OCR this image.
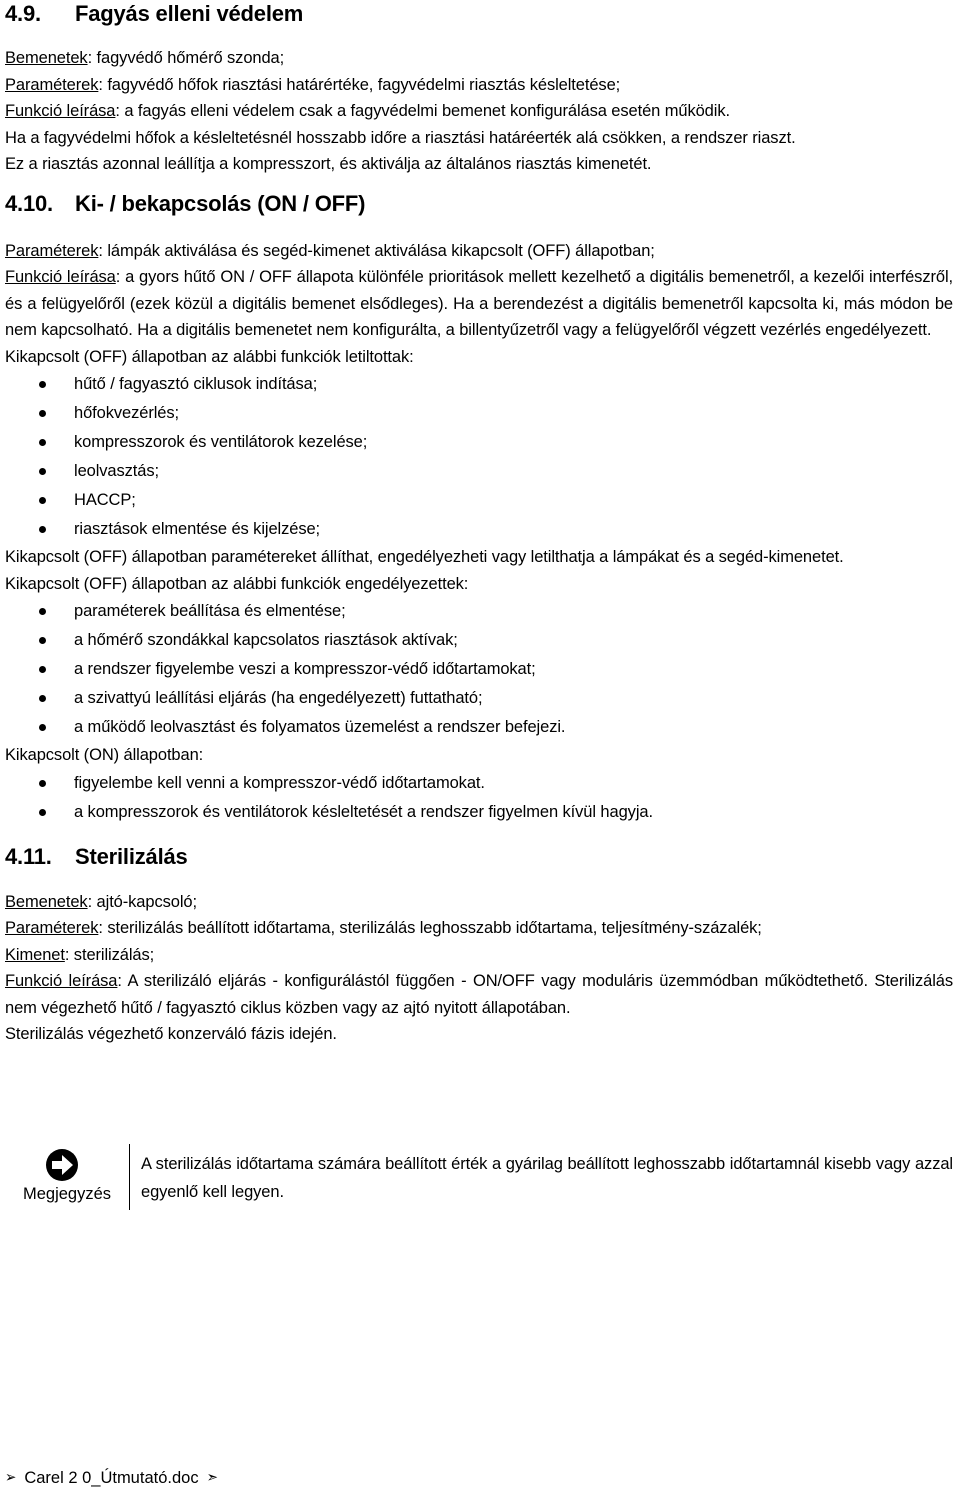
4.9. Fagyás elleni védelem

Bemenetek: fagyvédő hőmérő szonda;

Paraméterek: fagyvédő hőfok riasztási határértéke, fagyvédelmi riasztás késleltetése;

Funkció leírása: a fagyás elleni védelem csak a fagyvédelmi bemenet konfigurálása esetén működik.

Ha a fagyvédelmi hőfok a késleltetésnél hosszabb időre a riasztási határéerték alá csökken, a rendszer riaszt.

Ez a riasztás azonnal leállítja a kompresszort, és aktiválja az általános riasztás kimenetét.

4.10. Ki- / bekapcsolás (ON / OFF)

Paraméterek: lámpák aktiválása és segéd-kimenet aktiválása kikapcsolt (OFF) állapotban;

Funkció leírása: a gyors hűtő ON / OFF állapota különféle prioritások mellett kezelhető a digitális bemenetről, a kezelői interfészről, és a felügyelőről (ezek közül a digitális bemenet elsődleges). Ha a berendezést a digitális bemenetről kapcsolta ki, más módon be nem kapcsolható. Ha a digitális bemenetet nem konfigurálta, a billentyűzetről vagy a felügyelőről végzett vezérlés engedélyezett.

Kikapcsolt (OFF) állapotban az alábbi funkciók letiltottak:

hűtő / fagyasztó ciklusok indítása;
hőfokvezérlés;
kompresszorok és ventilátorok kezelése;
leolvasztás;
HACCP;
riasztások elmentése és kijelzése;

Kikapcsolt (OFF) állapotban paramétereket állíthat, engedélyezheti vagy letilthatja a lámpákat és a segéd-kimenetet.

Kikapcsolt (OFF) állapotban az alábbi funkciók engedélyezettek:

paraméterek beállítása és elmentése;
a hőmérő szondákkal kapcsolatos riasztások aktívak;
a rendszer figyelembe veszi a kompresszor-védő időtartamokat;
a szivattyú leállítási eljárás (ha engedélyezett) futtatható;
a működő leolvasztást és folyamatos üzemelést a rendszer befejezi.

Kikapcsolt (ON) állapotban:

figyelembe kell venni a kompresszor-védő időtartamokat.
a kompresszorok és ventilátorok késleltetését a rendszer figyelmen kívül hagyja.
4.11. Sterilizálás

Bemenetek: ajtó-kapcsoló;

Paraméterek: sterilizálás beállított időtartama, sterilizálás leghosszabb időtartama, teljesítmény-százalék;

Kimenet: sterilizálás;

Funkció leírása: A sterilizáló eljárás - konfigurálástól függően - ON/OFF vagy modulári​s üzemmódban működtethető. Sterilizálás nem végezhető hűtő / fagyasztó ciklus közben vagy az ajtó nyitott állapotában.

Sterilizálás végezhető konzerváló fázis idején.

Megjegyzés
A sterilizálás időtartama számára beállított érték a gyárilag beállított leghosszabb időtartamnál kisebb vagy azzal egyenlő kell legyen.
➢ Carel 2 0_Útmutató.doc ➣
